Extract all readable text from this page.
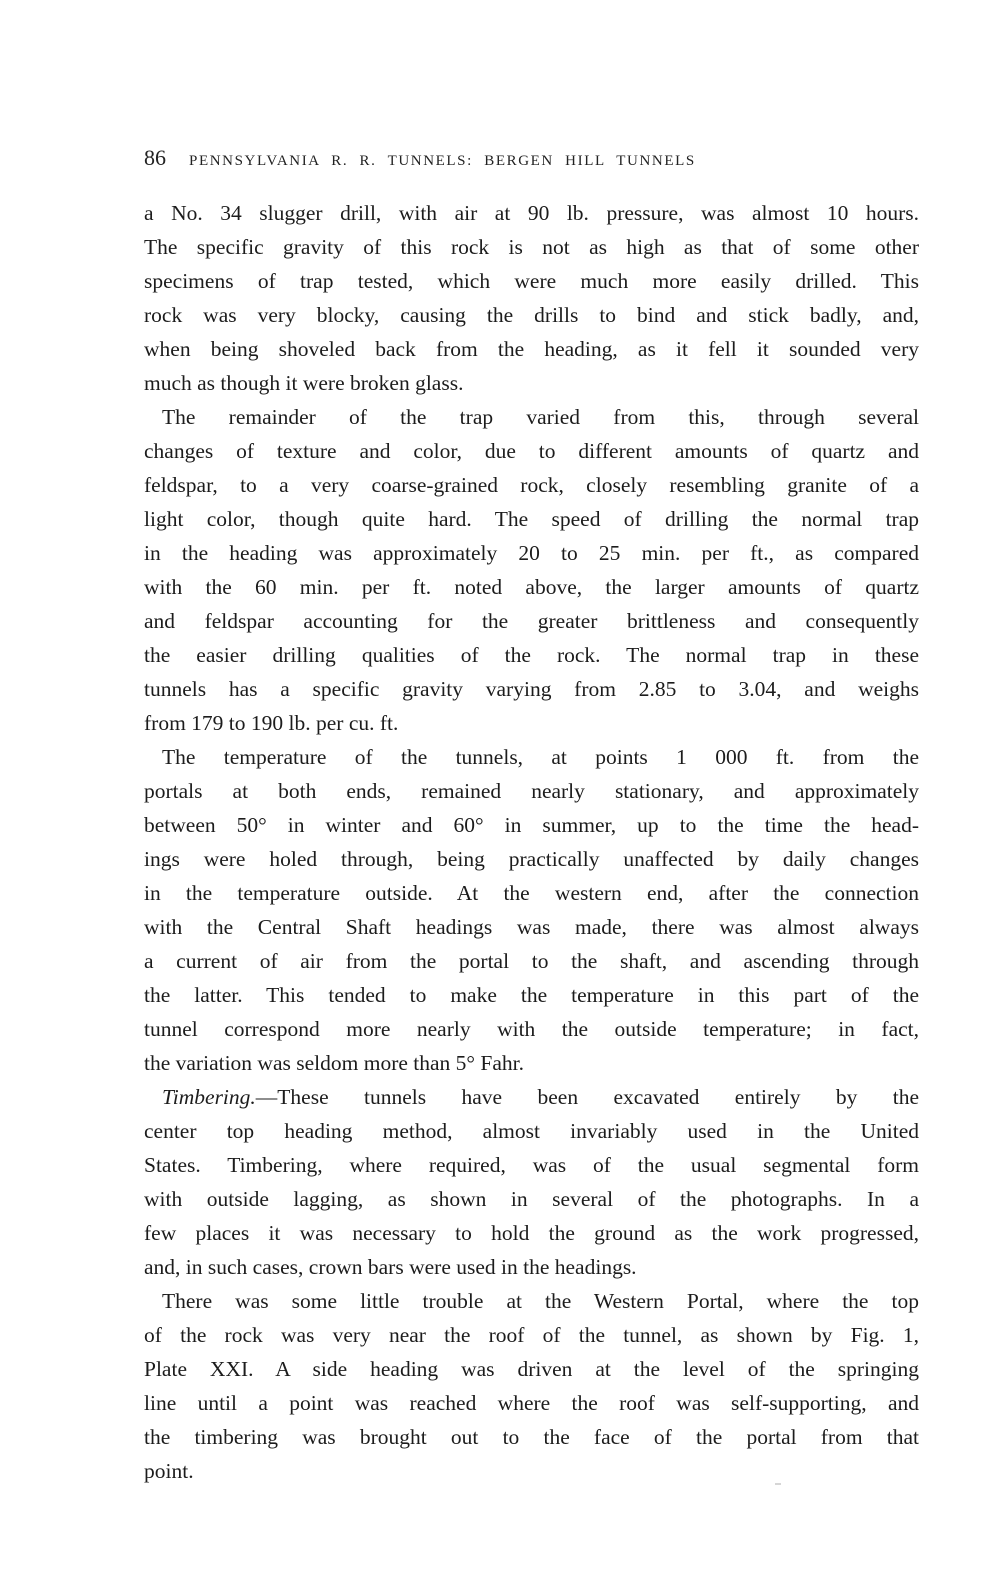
86	PENNSYLVANIA R. R. TUNNELS: BERGEN HILL TUNNELS
a No. 34 slugger drill, with air at 90 lb. pressure, was almost 10 hours.
The specific gravity of this rock is not as high as that of some other
specimens of trap tested, which were much more easily drilled. This
rock was very blocky, causing the drills to bind and stick badly, and,
when being shoveled back from the heading, as it fell it sounded very
much as though it were broken glass.
The remainder of the trap varied from this, through several
changes of texture and color, due to different amounts of quartz and
feldspar, to a very coarse-grained rock, closely resembling granite of a
light color, though quite hard. The speed of drilling the normal trap
in the heading was approximately 20 to 25 min. per ft., as compared
with the 60 min. per ft. noted above, the larger amounts of quartz
and feldspar accounting for the greater brittleness and consequently
the easier drilling qualities of the rock. The normal trap in these
tunnels has a specific gravity varying from 2.85 to 3.04, and weighs
from 179 to 190 lb. per cu. ft.
The temperature of the tunnels, at points 1 000 ft. from the
portals at both ends, remained nearly stationary, and approximately
between 50° in winter and 60° in summer, up to the time the head-
ings were holed through, being practically unaffected by daily changes
in the temperature outside. At the western end, after the connection
with the Central Shaft headings was made, there was almost always
a current of air from the portal to the shaft, and ascending through
the latter. This tended to make the temperature in this part of the
tunnel correspond more nearly with the outside temperature; in fact,
the variation was seldom more than 5° Fahr.
Timbering.—These tunnels have been excavated entirely by the
center top heading method, almost invariably used in the United
States. Timbering, where required, was of the usual segmental form
with outside lagging, as shown in several of the photographs. In a
few places it was necessary to hold the ground as the work progressed,
and, in such cases, crown bars were used in the headings.
There was some little trouble at the Western Portal, where the top
of the rock was very near the roof of the tunnel, as shown by Fig. 1,
Plate XXI. A side heading was driven at the level of the springing
line until a point was reached where the roof was self-supporting, and
the timbering was brought out to the face of the portal from that
point.
